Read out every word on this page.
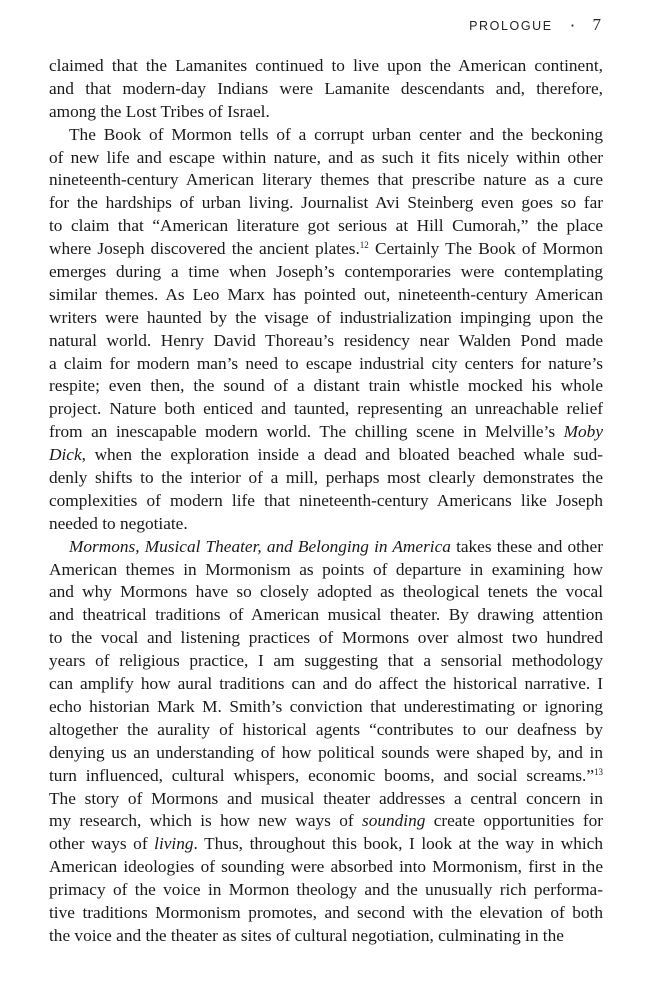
PROLOGUE · 7
claimed that the Lamanites continued to live upon the American continent,
and that modern-day Indians were Lamanite descendants and, therefore,
among the Lost Tribes of Israel.
The Book of Mormon tells of a corrupt urban center and the beckoning
of new life and escape within nature, and as such it fits nicely within other
nineteenth-century American literary themes that prescribe nature as a cure
for the hardships of urban living. Journalist Avi Steinberg even goes so far
to claim that “American literature got serious at Hill Cumorah,” the place
where Joseph discovered the ancient plates.$^{12}$ Certainly The Book of Mormon
emerges during a time when Joseph’s contemporaries were contemplating
similar themes. As Leo Marx has pointed out, nineteenth-century American
writers were haunted by the visage of industrialization impinging upon the
natural world. Henry David Thoreau’s residency near Walden Pond made
a claim for modern man’s need to escape industrial city centers for nature’s
respite; even then, the sound of a distant train whistle mocked his whole
project. Nature both enticed and taunted, representing an unreachable relief
from an inescapable modern world. The chilling scene in Melville’s Moby
Dick, when the exploration inside a dead and bloated beached whale sud-
denly shifts to the interior of a mill, perhaps most clearly demonstrates the
complexities of modern life that nineteenth-century Americans like Joseph
needed to negotiate.
Mormons, Musical Theater, and Belonging in America takes these and other
American themes in Mormonism as points of departure in examining how
and why Mormons have so closely adopted as theological tenets the vocal
and theatrical traditions of American musical theater. By drawing attention
to the vocal and listening practices of Mormons over almost two hundred
years of religious practice, I am suggesting that a sensorial methodology
can amplify how aural traditions can and do affect the historical narrative. I
echo historian Mark M. Smith’s conviction that underestimating or ignoring
altogether the aurality of historical agents “contributes to our deafness by
denying us an understanding of how political sounds were shaped by, and in
turn influenced, cultural whispers, economic booms, and social screams.”$^{13}$
The story of Mormons and musical theater addresses a central concern in
my research, which is how new ways of sounding create opportunities for
other ways of living. Thus, throughout this book, I look at the way in which
American ideologies of sounding were absorbed into Mormonism, first in the
primacy of the voice in Mormon theology and the unusually rich performa-
tive traditions Mormonism promotes, and second with the elevation of both
the voice and the theater as sites of cultural negotiation, culminating in the
